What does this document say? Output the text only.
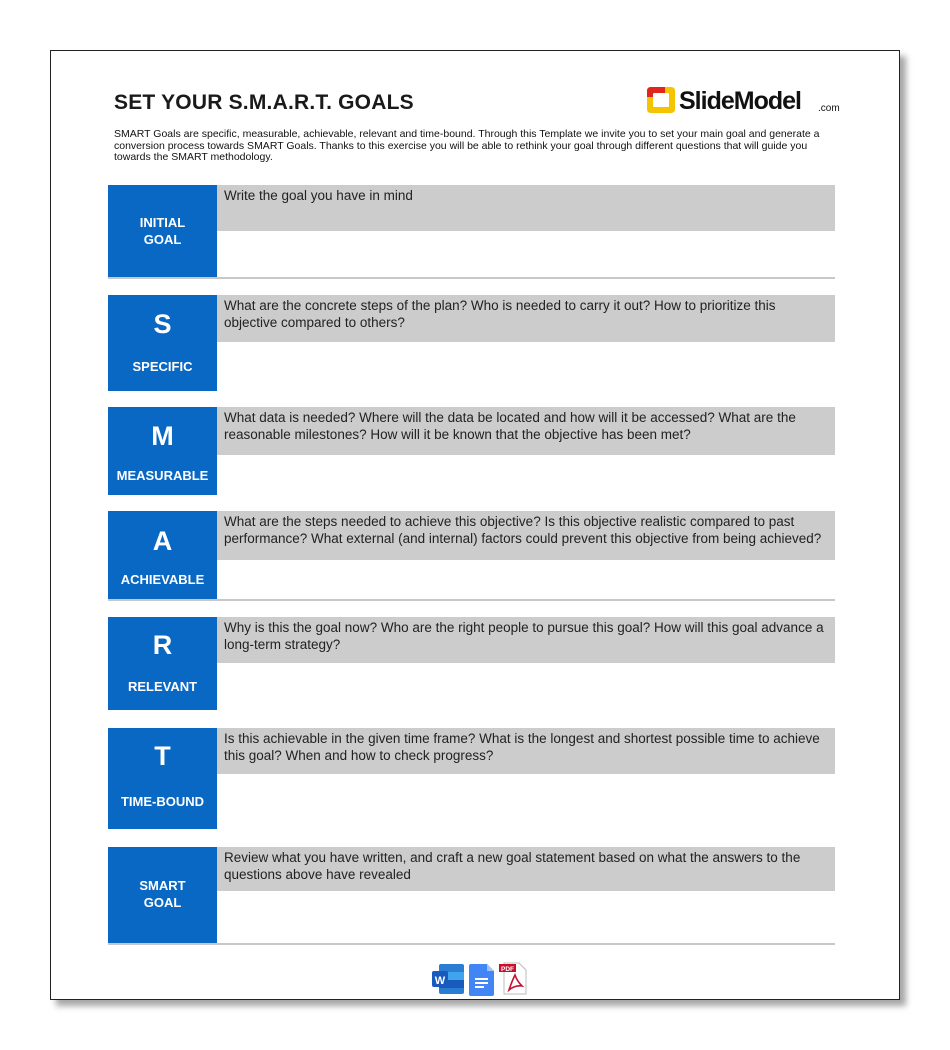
SET YOUR S.M.A.R.T. GOALS	SlideModel .com

SMART Goals are specific, measurable, achievable, relevant and time-bound. Through this Template we invite you to set your main goal and generate a conversion process towards SMART Goals. Thanks to this exercise you will be able to rethink your goal through different questions that will guide you towards the SMART methodology.

INITIAL
GOAL
Write the goal you have in mind
S
SPECIFIC
What are the concrete steps of the plan? Who is needed to carry it out? How to prioritize this objective compared to others?
M
MEASURABLE
What data is needed? Where will the data be located and how will it be accessed? What are the reasonable milestones? How will it be known that the objective has been met?
A
ACHIEVABLE
What are the steps needed to achieve this objective? Is this objective realistic compared to past performance? What external (and internal) factors could prevent this objective from being achieved?
R
RELEVANT
Why is this the goal now? Who are the right people to pursue this goal? How will this goal advance a long-term strategy?
T
TIME-BOUND
Is this achievable in the given time frame? What is the longest and shortest possible time to achieve this goal? When and how to check progress?
SMART
GOAL
Review what you have written, and craft a new goal statement based on what the answers to the questions above have revealed
W
PDF
